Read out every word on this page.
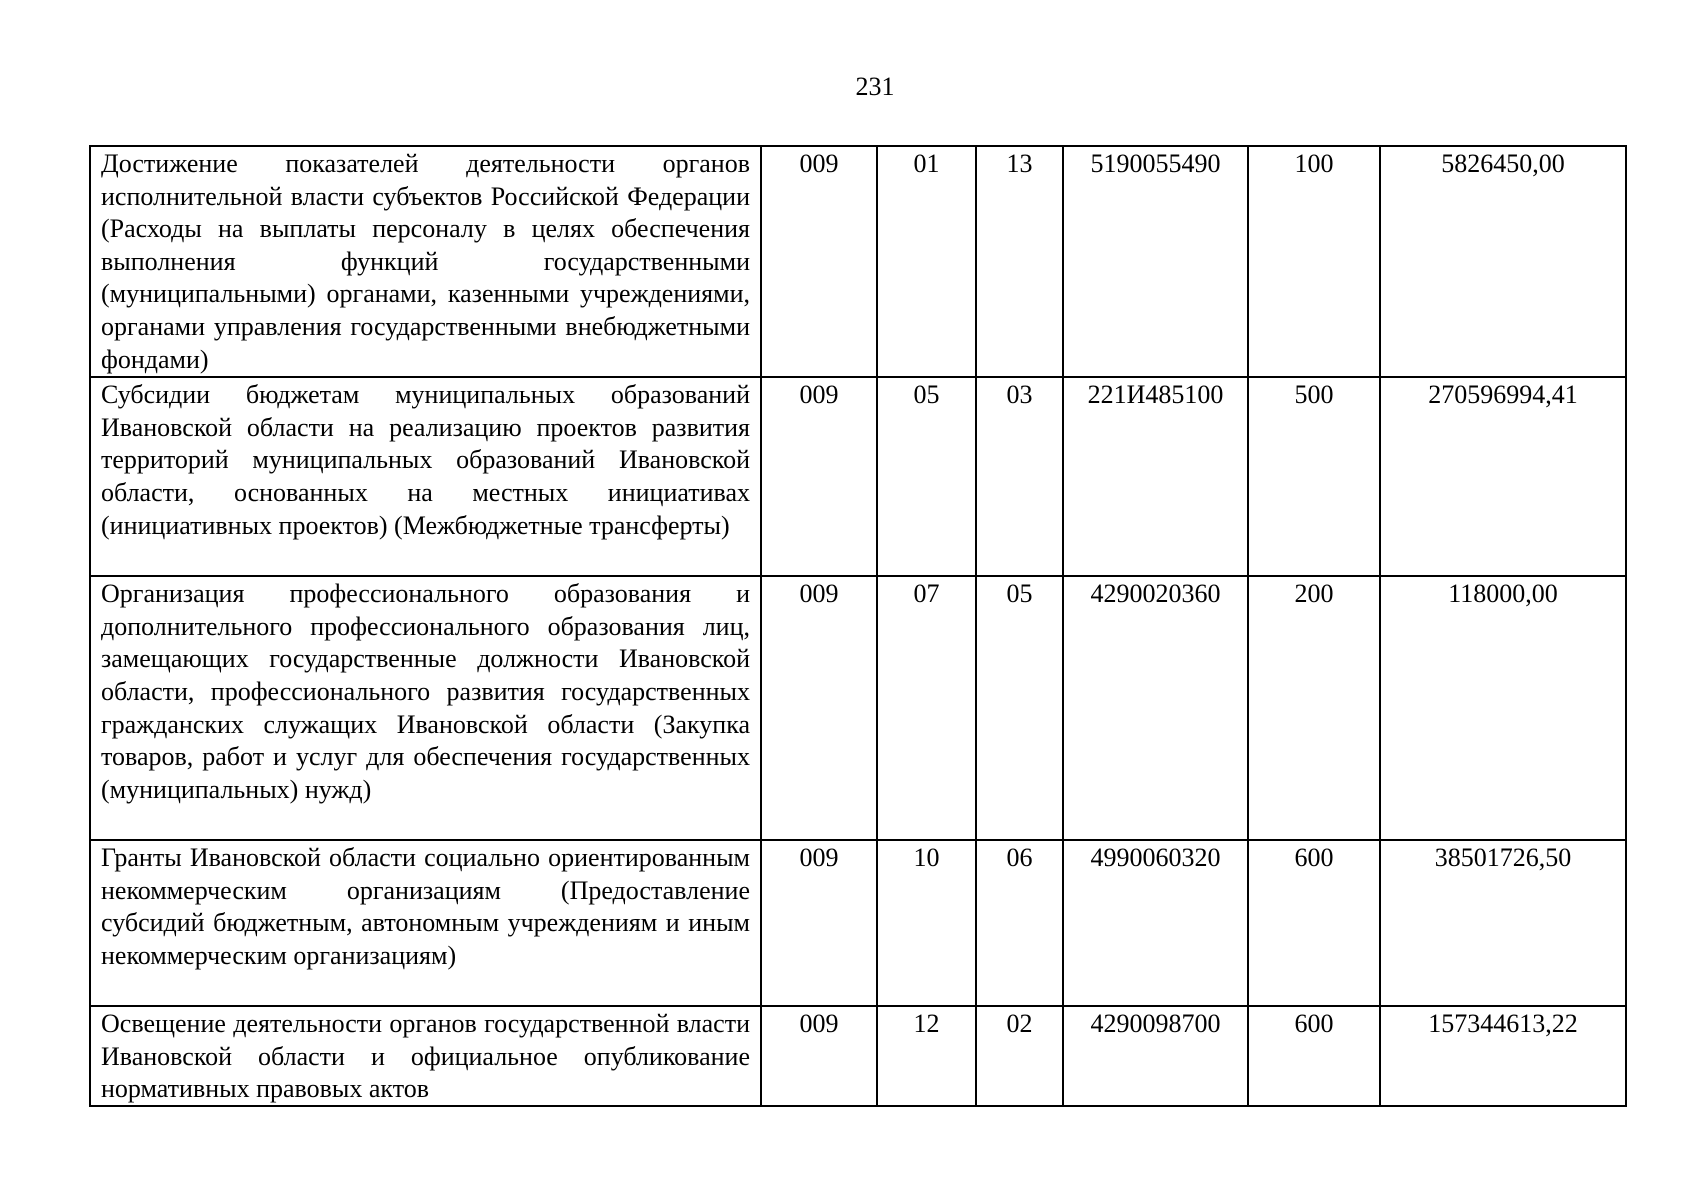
231
Достижение показателей деятельности органов исполнительной власти субъектов Российской Федерации (Расходы на выплаты персоналу в целях обеспечения выполнения функций государственными (муниципальными) органами, казенными учреждениями, органами управления государственными внебюджетными фондами)	009	01	13	5190055490	100	5826450,00

Субсидии бюджетам муниципальных образований Ивановской области на реализацию проектов развития территорий муниципальных образований Ивановской области, основанных на местных инициативах (инициативных проектов) (Межбюджетные трансферты)	009	05	03	221И485100	500	270596994,41

Организация профессионального образования и дополнительного профессионального образования лиц, замещающих государственные должности Ивановской области, профессионального развития государственных гражданских служащих Ивановской области (Закупка товаров, работ и услуг для обеспечения государственных (муниципальных) нужд)	009	07	05	4290020360	200	118000,00

Гранты Ивановской области социально ориентированным некоммерческим организациям (Предоставление субсидий бюджетным, автономным учреждениям и иным некоммерческим организациям)	009	10	06	4990060320	600	38501726,50

Освещение деятельности органов государственной власти Ивановской области и официальное опубликование нормативных правовых актов	009	12	02	4290098700	600	157344613,22
